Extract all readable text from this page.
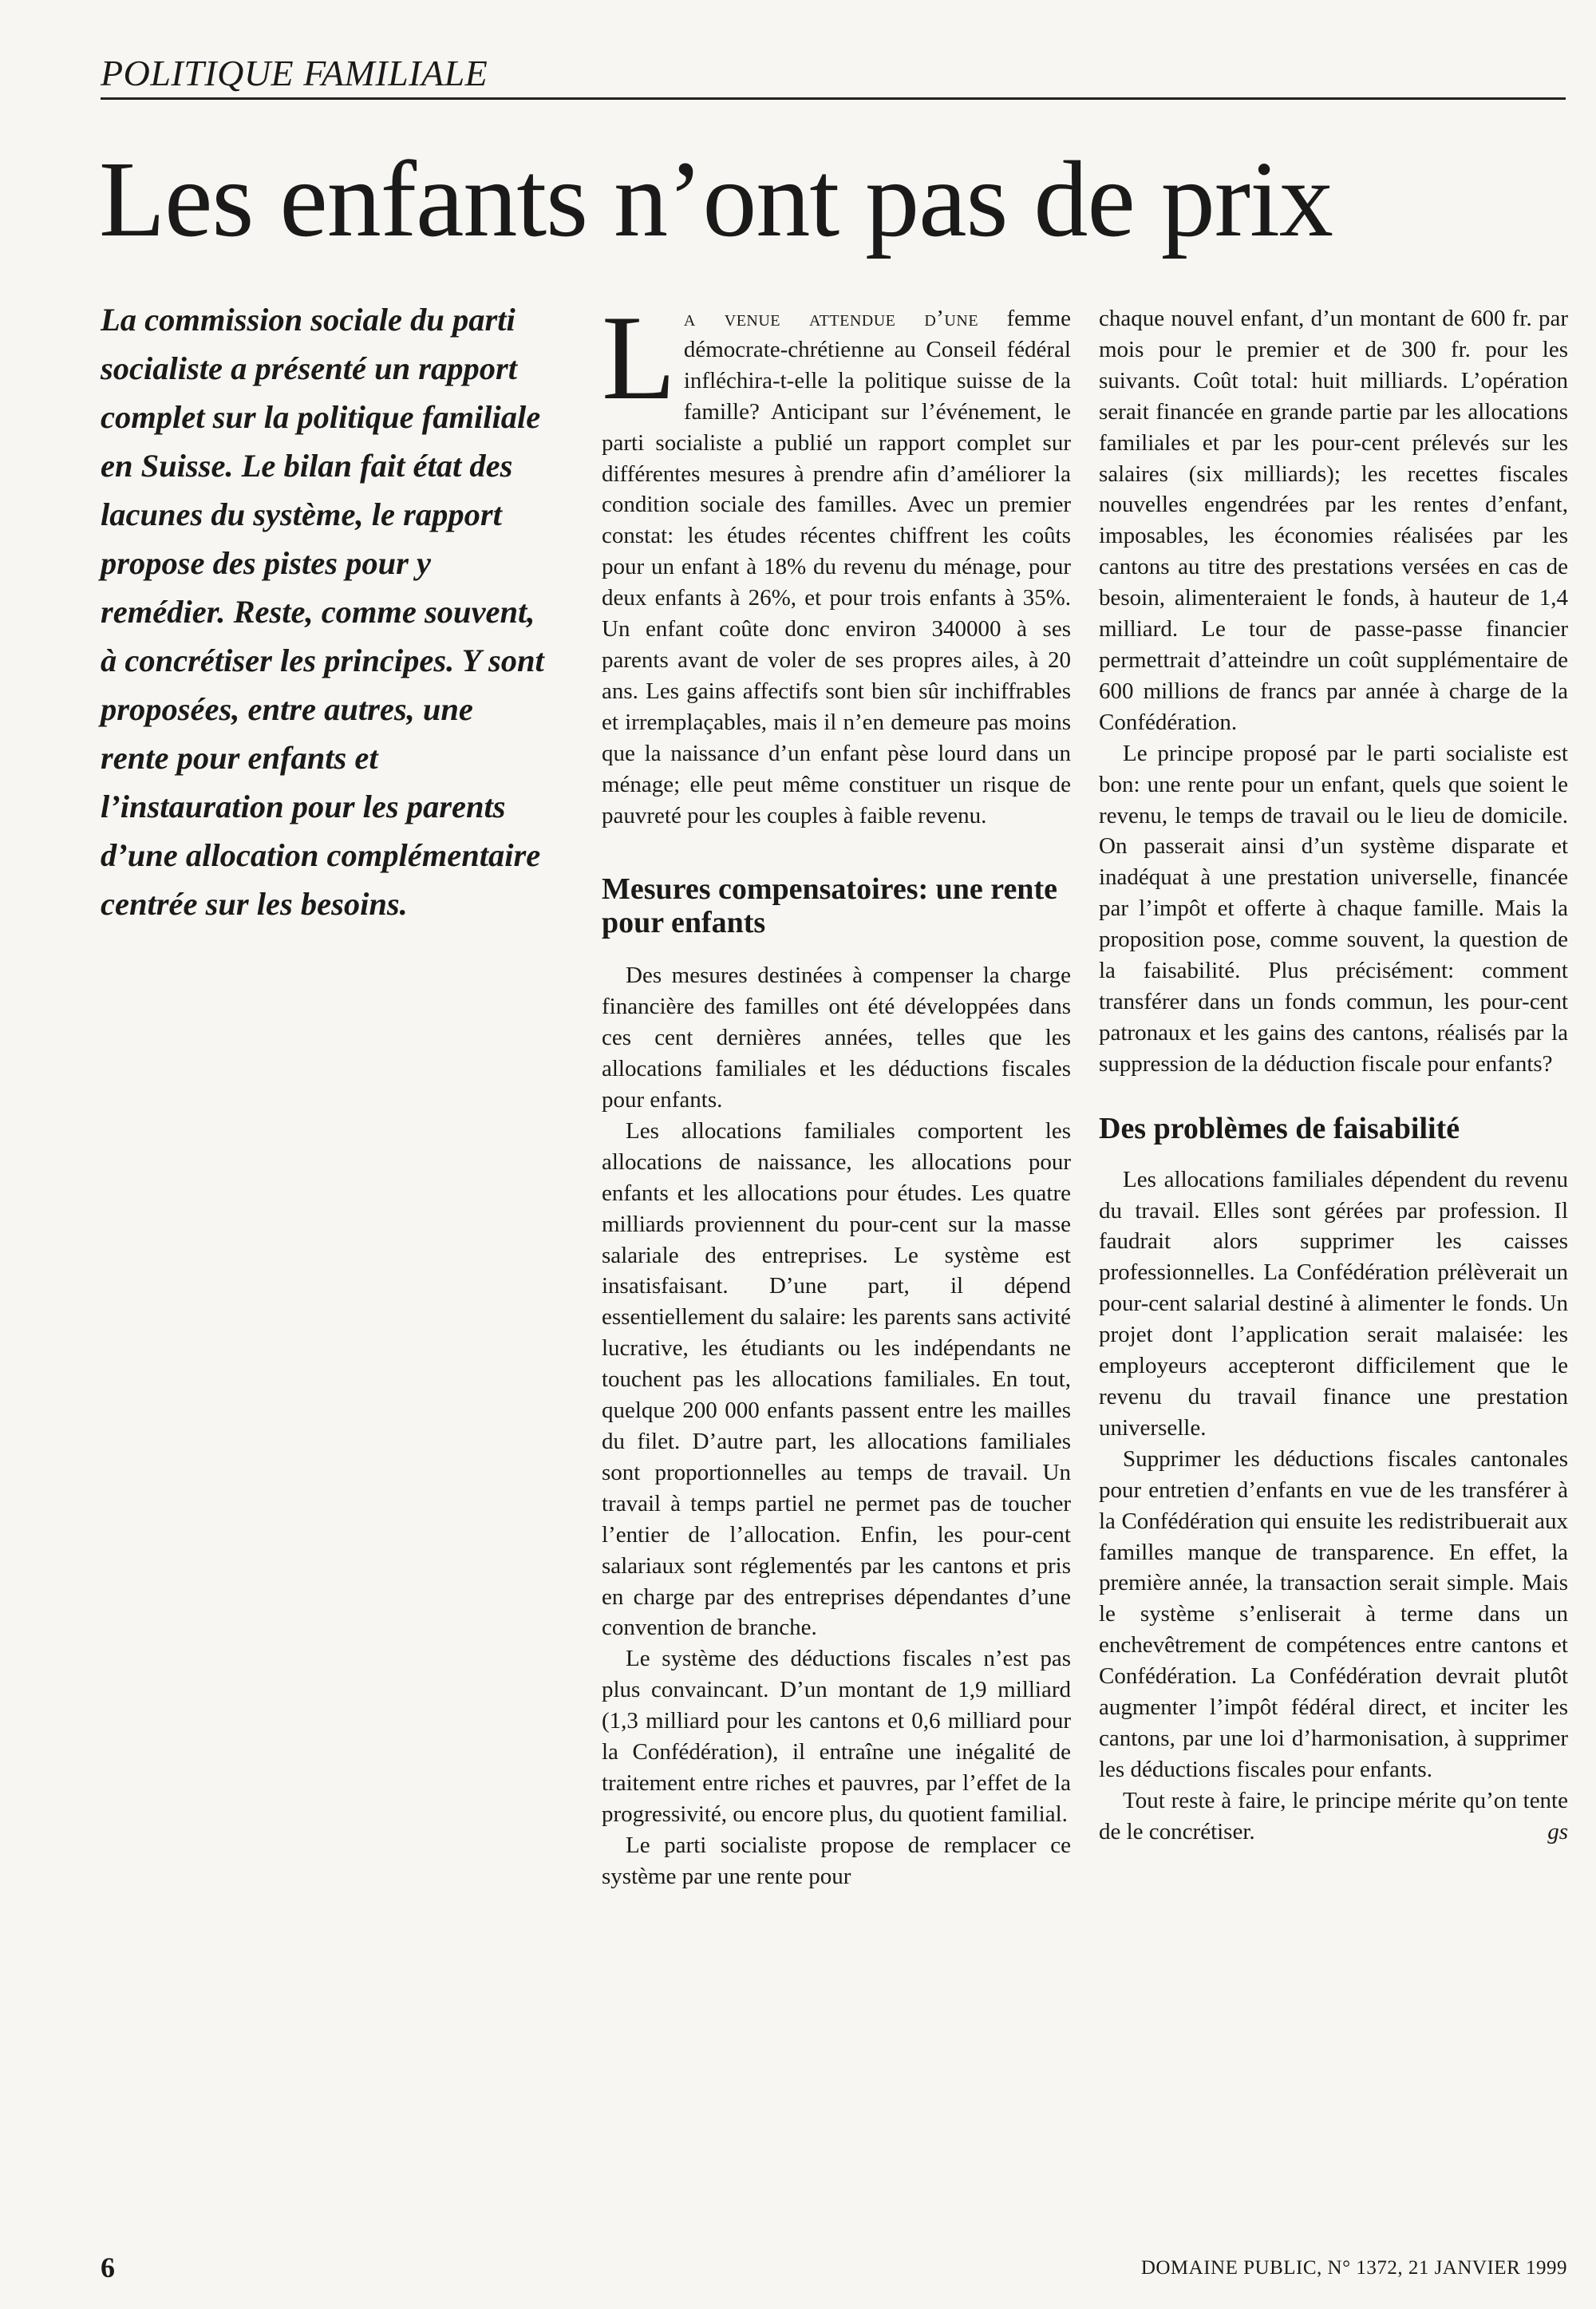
POLITIQUE FAMILIALE
Les enfants n’ont pas de prix

La commission sociale du parti socialiste a présenté un rapport complet sur la politique familiale en Suisse. Le bilan fait état des lacunes du système, le rapport propose des pistes pour y remédier. Reste, comme souvent, à concrétiser les principes. Y sont proposées, entre autres, une rente pour enfants et l’instauration pour les parents d’une allocation complémentaire centrée sur les besoins.

La venue attendue d’une femme démocrate-chrétienne au Conseil fédéral infléchira-t-elle la politique suisse de la famille? Anticipant sur l’événement, le parti socialiste a publié un rapport complet sur différentes mesures à prendre afin d’améliorer la condition sociale des familles. Avec un premier constat: les études récentes chiffrent les coûts pour un enfant à 18% du revenu du ménage, pour deux enfants à 26%, et pour trois enfants à 35%. Un enfant coûte donc environ 340000 à ses parents avant de voler de ses propres ailes, à 20 ans. Les gains affectifs sont bien sûr inchiffrables et irremplaçables, mais il n’en demeure pas moins que la naissance d’un enfant pèse lourd dans un ménage; elle peut même constituer un risque de pauvreté pour les couples à faible revenu.

Mesures compensatoires: une rente pour enfants

Des mesures destinées à compenser la charge financière des familles ont été développées dans ces cent dernières années, telles que les allocations familiales et les déductions fiscales pour enfants.

Les allocations familiales comportent les allocations de naissance, les allocations pour enfants et les allocations pour études. Les quatre milliards proviennent du pour-cent sur la masse salariale des entreprises. Le système est insatisfaisant. D’une part, il dépend essentiellement du salaire: les parents sans activité lucrative, les étudiants ou les indépendants ne touchent pas les allocations familiales. En tout, quelque 200 000 enfants passent entre les mailles du filet. D’autre part, les allocations familiales sont proportionnelles au temps de travail. Un travail à temps partiel ne permet pas de toucher l’entier de l’allocation. Enfin, les pour-cent salariaux sont réglementés par les cantons et pris en charge par des entreprises dépendantes d’une convention de branche.

Le système des déductions fiscales n’est pas plus convaincant. D’un montant de 1,9 milliard (1,3 milliard pour les cantons et 0,6 milliard pour la Confédération), il entraîne une inégalité de traitement entre riches et pauvres, par l’effet de la progressivité, ou encore plus, du quotient familial.

Le parti socialiste propose de remplacer ce système par une rente pour

chaque nouvel enfant, d’un montant de 600 fr. par mois pour le premier et de 300 fr. pour les suivants. Coût total: huit milliards. L’opération serait financée en grande partie par les allocations familiales et par les pour-cent prélevés sur les salaires (six milliards); les recettes fiscales nouvelles engendrées par les rentes d’enfant, imposables, les économies réalisées par les cantons au titre des prestations versées en cas de besoin, alimenteraient le fonds, à hauteur de 1,4 milliard. Le tour de passe-passe financier permettrait d’atteindre un coût supplémentaire de 600 millions de francs par année à charge de la Confédération.

Le principe proposé par le parti socialiste est bon: une rente pour un enfant, quels que soient le revenu, le temps de travail ou le lieu de domicile. On passerait ainsi d’un système disparate et inadéquat à une prestation universelle, financée par l’impôt et offerte à chaque famille. Mais la proposition pose, comme souvent, la question de la faisabilité. Plus précisément: comment transférer dans un fonds commun, les pour-cent patronaux et les gains des cantons, réalisés par la suppression de la déduction fiscale pour enfants?

Des problèmes de faisabilité

Les allocations familiales dépendent du revenu du travail. Elles sont gérées par profession. Il faudrait alors supprimer les caisses professionnelles. La Confédération prélèverait un pour-cent salarial destiné à alimenter le fonds. Un projet dont l’application serait malaisée: les employeurs accepteront difficilement que le revenu du travail finance une prestation universelle.

Supprimer les déductions fiscales cantonales pour entretien d’enfants en vue de les transférer à la Confédération qui ensuite les redistribuerait aux familles manque de transparence. En effet, la première année, la transaction serait simple. Mais le système s’enliserait à terme dans un enchevêtrement de compétences entre cantons et Confédération. La Confédération devrait plutôt augmenter l’impôt fédéral direct, et inciter les cantons, par une loi d’harmonisation, à supprimer les déductions fiscales pour enfants.

Tout reste à faire, le principe mérite qu’on tente de le concrétiser.	gs

6	DOMAINE PUBLIC, N° 1372, 21 JANVIER 1999
